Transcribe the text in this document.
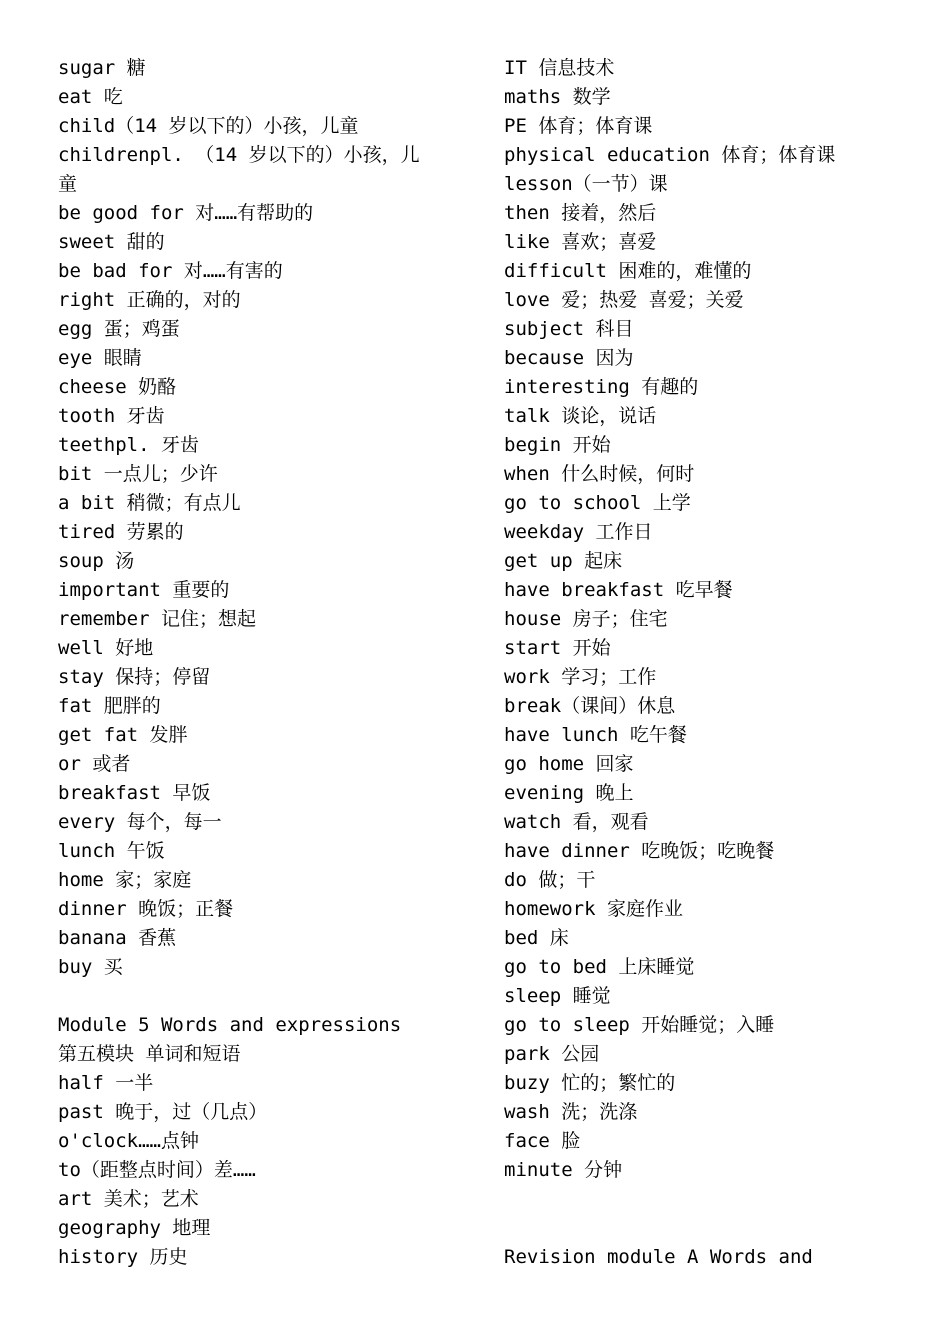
sugar 糖
eat 吃
child（14 岁以下的）小孩，儿童
childrenpl. （14 岁以下的）小孩，儿
童
be good for 对……有帮助的
sweet 甜的
be bad for 对……有害的
right 正确的，对的
egg 蛋；鸡蛋
eye 眼睛
cheese 奶酪
tooth 牙齿
teethpl. 牙齿
bit 一点儿；少许
a bit 稍微；有点儿
tired 劳累的
soup 汤
important 重要的
remember 记住；想起
well 好地
stay 保持；停留
fat 肥胖的
get fat 发胖
or 或者
breakfast 早饭
every 每个，每一
lunch 午饭
home 家；家庭
dinner 晚饭；正餐
banana 香蕉
buy 买
Module 5 Words and expressions
第五模块 单词和短语
half 一半
past 晚于，过（几点）
o'clock……点钟
to（距整点时间）差……
art 美术；艺术
geography 地理
history 历史
IT 信息技术
maths 数学
PE 体育；体育课
physical education 体育；体育课
lesson（一节）课
then 接着，然后
like 喜欢；喜爱
difficult 困难的，难懂的
love 爱；热爱 喜爱；关爱
subject 科目
because 因为
interesting 有趣的
talk 谈论，说话
begin 开始
when 什么时候，何时
go to school 上学
weekday 工作日
get up 起床
have breakfast 吃早餐
house 房子；住宅
start 开始
work 学习；工作
break（课间）休息
have lunch 吃午餐
go home 回家
evening 晚上
watch 看，观看
have dinner 吃晚饭；吃晚餐
do 做；干
homework 家庭作业
bed 床
go to bed 上床睡觉
sleep 睡觉
go to sleep 开始睡觉；入睡
park 公园
buzy 忙的；繁忙的
wash 洗；洗涤
face 脸
minute 分钟
Revision module A Words and
